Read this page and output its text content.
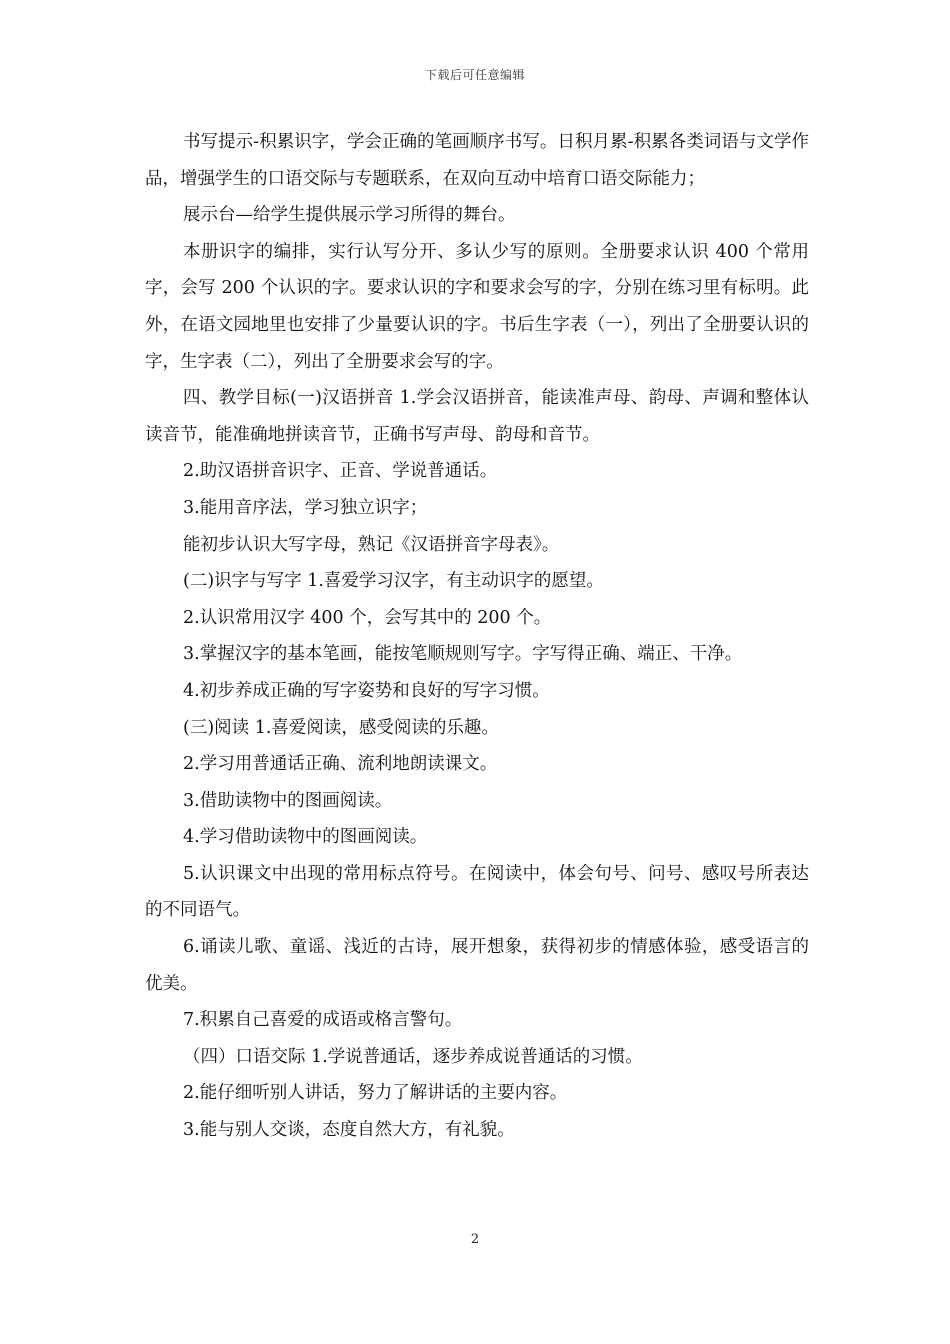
下载后可任意编辑

书写提示-积累识字，学会正确的笔画顺序书写。日积月累-积累各类词语与文学作品，增强学生的口语交际与专题联系，在双向互动中培育口语交际能力；

展示台—给学生提供展示学习所得的舞台。

本册识字的编排，实行认写分开、多认少写的原则。全册要求认识 400 个常用字，会写 200 个认识的字。要求认识的字和要求会写的字，分别在练习里有标明。此外，在语文园地里也安排了少量要认识的字。书后生字表（一），列出了全册要认识的字，生字表（二），列出了全册要求会写的字。

四、教学目标(一)汉语拼音 1.学会汉语拼音，能读准声母、韵母、声调和整体认读音节，能准确地拼读音节，正确书写声母、韵母和音节。

2.助汉语拼音识字、正音、学说普通话。

3.能用音序法，学习独立识字；

能初步认识大写字母，熟记《汉语拼音字母表》。

(二)识字与写字 1.喜爱学习汉字，有主动识字的愿望。

2.认识常用汉字 400 个，会写其中的 200 个。

3.掌握汉字的基本笔画，能按笔顺规则写字。字写得正确、端正、干净。

4.初步养成正确的写字姿势和良好的写字习惯。

(三)阅读 1.喜爱阅读，感受阅读的乐趣。

2.学习用普通话正确、流利地朗读课文。

3.借助读物中的图画阅读。

4.学习借助读物中的图画阅读。

5.认识课文中出现的常用标点符号。在阅读中，体会句号、问号、感叹号所表达的不同语气。

6.诵读儿歌、童谣、浅近的古诗，展开想象，获得初步的情感体验，感受语言的优美。

7.积累自己喜爱的成语或格言警句。

（四）口语交际 1.学说普通话，逐步养成说普通话的习惯。

2.能仔细听别人讲话，努力了解讲话的主要内容。

3.能与别人交谈，态度自然大方，有礼貌。

2
